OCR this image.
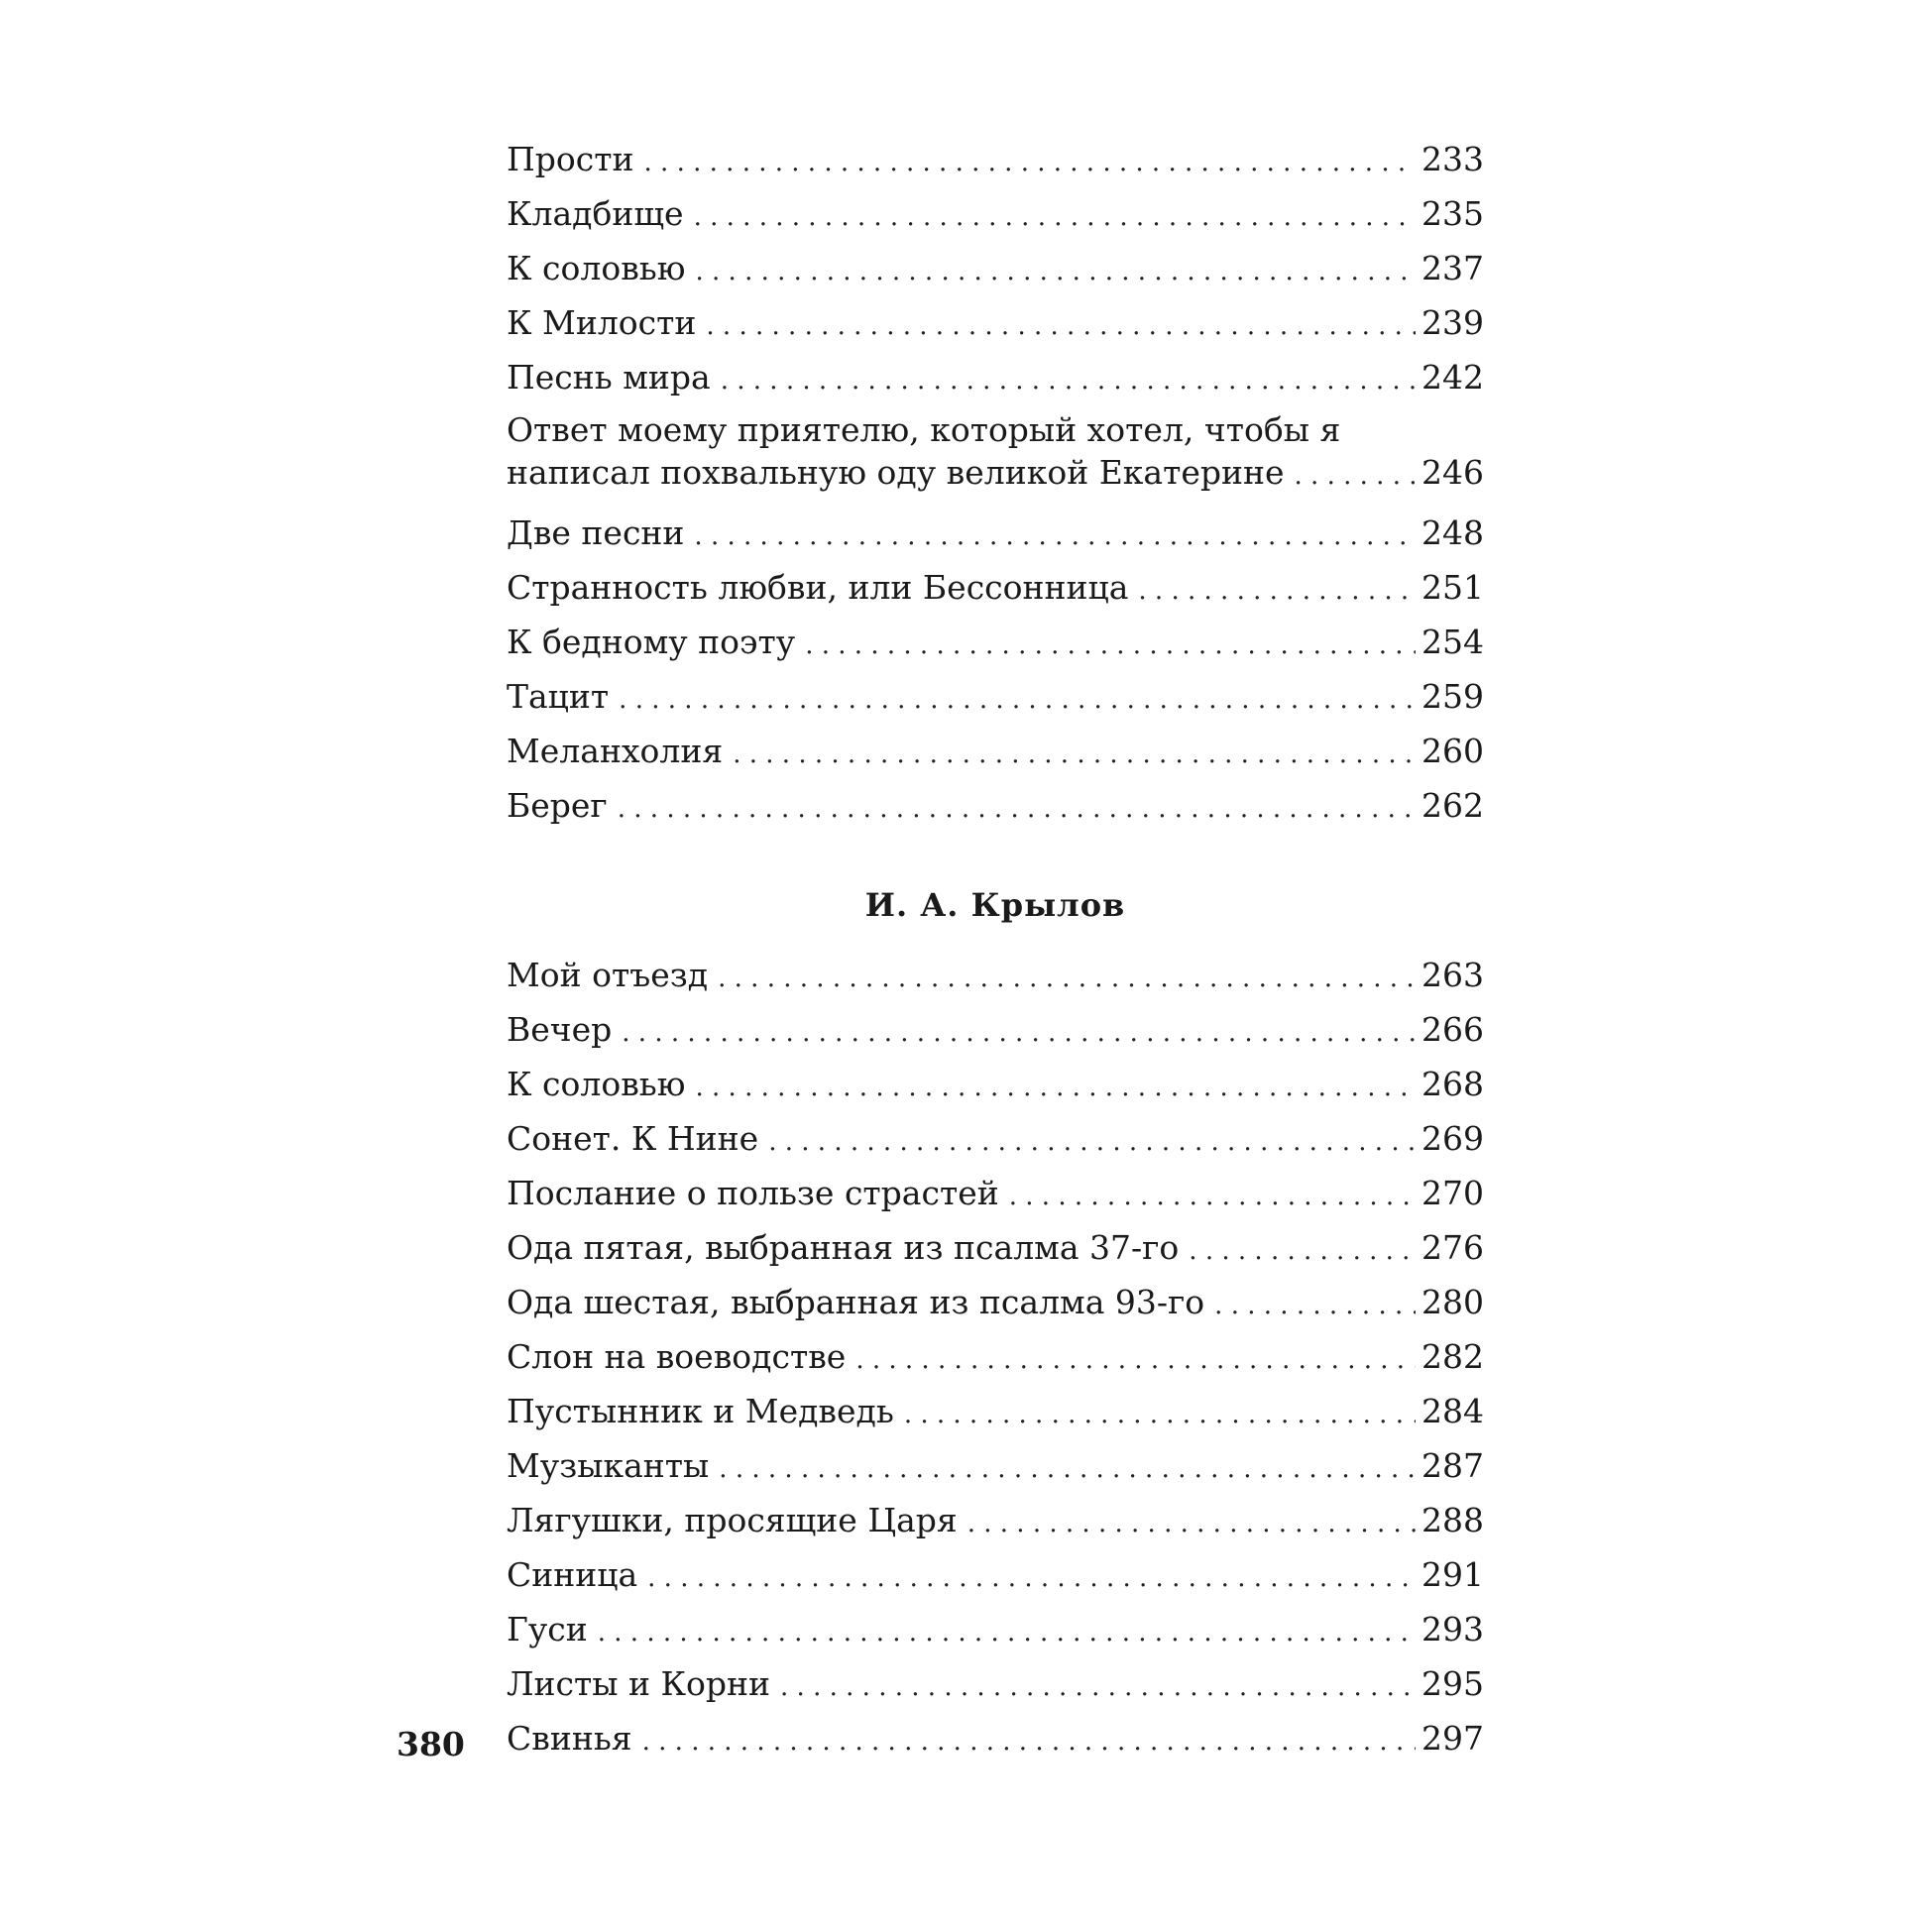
Прости . . .	233
Кладбище . . .	235
К соловью . . .	237
К Милости . . .	239
Песнь мира . . .	242
Ответ моему приятелю, который хотел, чтобы я
написал похвальную оду великой Екатерине . . .	246
Две песни . . .	248
Странность любви, или Бессонница . . .	251
К бедному поэту . . .	254
Тацит . . .	259
Меланхолия . . .	260
Берег . . .	262
И. А. Крылов
Мой отъезд . . .	263
Вечер . . .	266
К соловью . . .	268
Сонет. К Нине . . .	269
Послание о пользе страстей . . .	270
Ода пятая, выбранная из псалма 37-го . . .	276
Ода шестая, выбранная из псалма 93-го . . .	280
Слон на воеводстве . . .	282
Пустынник и Медведь . . .	284
Музыканты . . .	287
Лягушки, просящие Царя . . .	288
Синица . . .	291
Гуси . . .	293
Листы и Корни . . .	295
Свинья . . .	297
380
